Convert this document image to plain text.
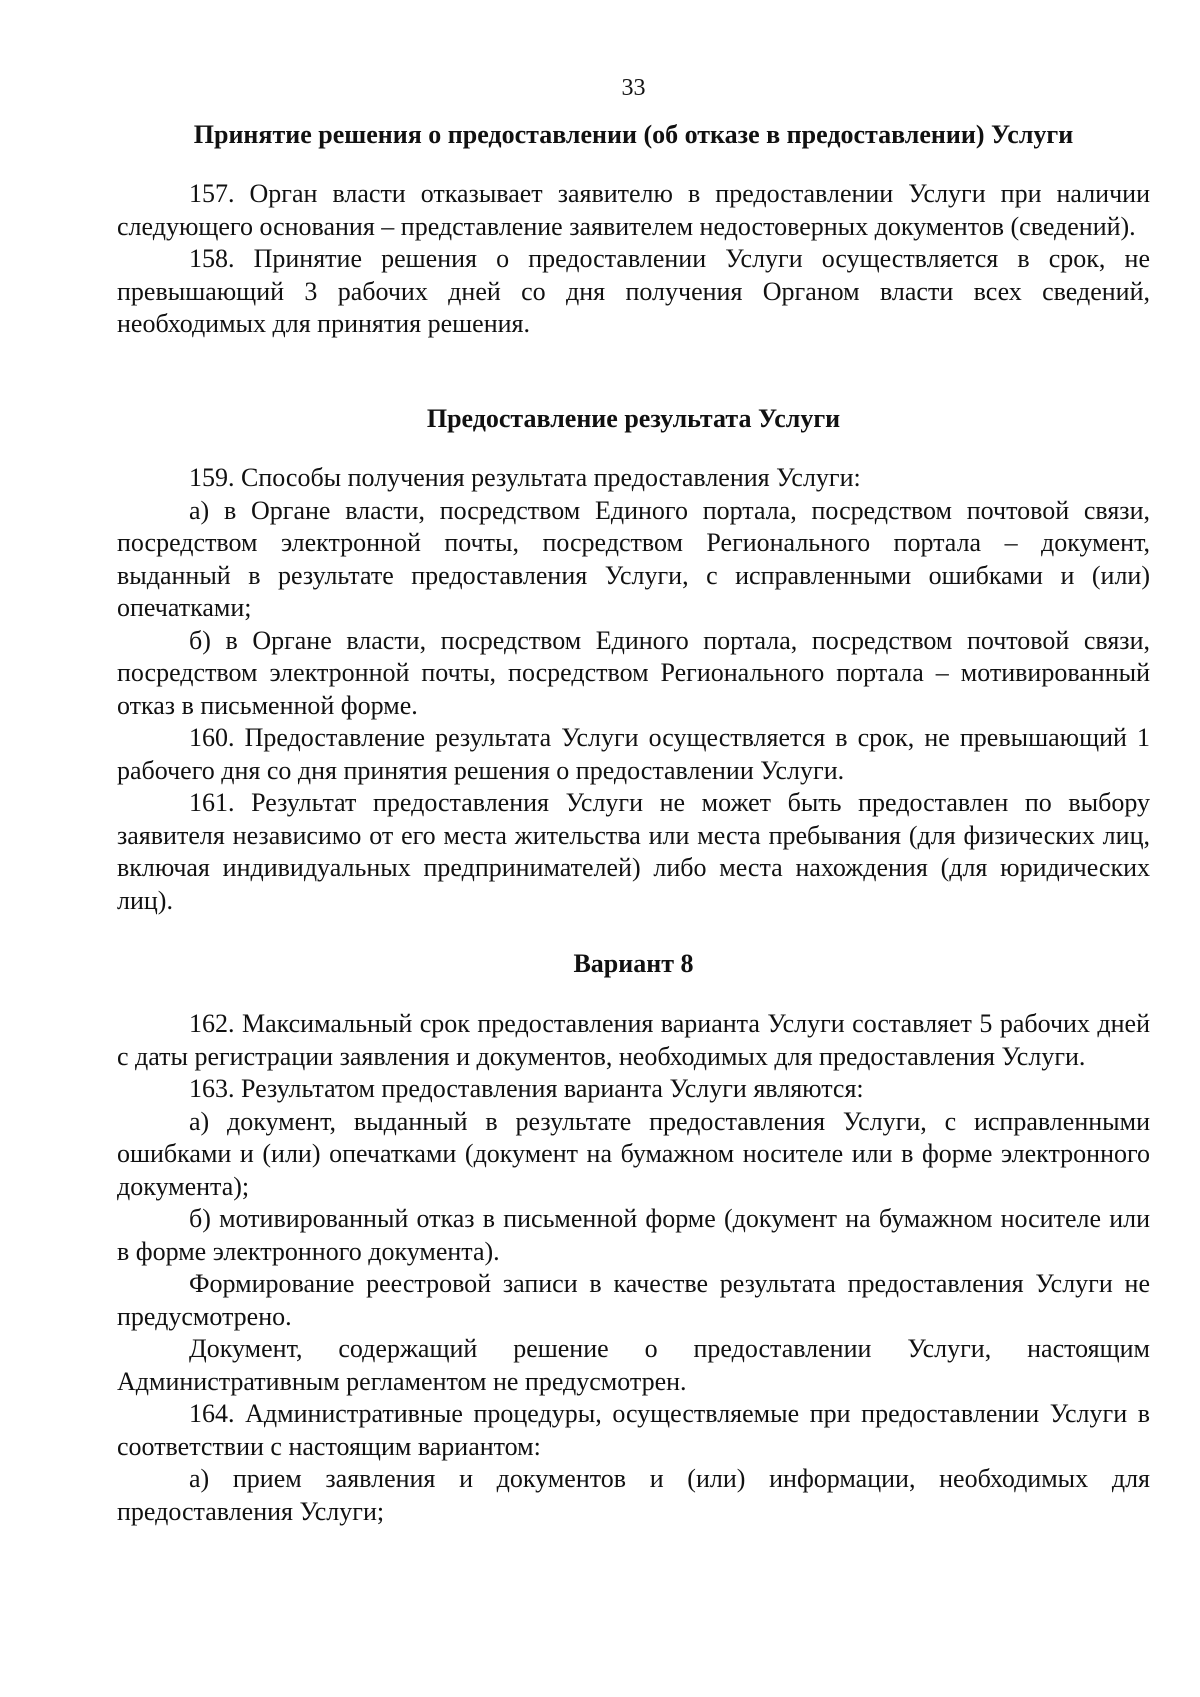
33
Принятие решения о предоставлении (об отказе в предоставлении) Услуги

157. Орган власти отказывает заявителю в предоставлении Услуги при наличии следующего основания – представление заявителем недостоверных документов (сведений).

158. Принятие решения о предоставлении Услуги осуществляется в срок, не превышающий 3 рабочих дней со дня получения Органом власти всех сведений, необходимых для принятия решения.

Предоставление результата Услуги

159. Способы получения результата предоставления Услуги:

а) в Органе власти, посредством Единого портала, посредством почтовой связи, посредством электронной почты, посредством Регионального портала – документ, выданный в результате предоставления Услуги, с исправленными ошибками и (или) опечатками;

б) в Органе власти, посредством Единого портала, посредством почтовой связи, посредством электронной почты, посредством Регионального портала – мотивированный отказ в письменной форме.

160. Предоставление результата Услуги осуществляется в срок, не превышающий 1 рабочего дня со дня принятия решения о предоставлении Услуги.

161. Результат предоставления Услуги не может быть предоставлен по выбору заявителя независимо от его места жительства или места пребывания (для физических лиц, включая индивидуальных предпринимателей) либо места нахождения (для юридических лиц).

Вариант 8

162. Максимальный срок предоставления варианта Услуги составляет 5 рабочих дней с даты регистрации заявления и документов, необходимых для предоставления Услуги.

163. Результатом предоставления варианта Услуги являются:

а) документ, выданный в результате предоставления Услуги, с исправленными ошибками и (или) опечатками (документ на бумажном носителе или в форме электронного документа);

б) мотивированный отказ в письменной форме (документ на бумажном носителе или в форме электронного документа).

Формирование реестровой записи в качестве результата предоставления Услуги не предусмотрено.

Документ, содержащий решение о предоставлении Услуги, настоящим Административным регламентом не предусмотрен.

164. Административные процедуры, осуществляемые при предоставлении Услуги в соответствии с настоящим вариантом:

а) прием заявления и документов и (или) информации, необходимых для предоставления Услуги;
